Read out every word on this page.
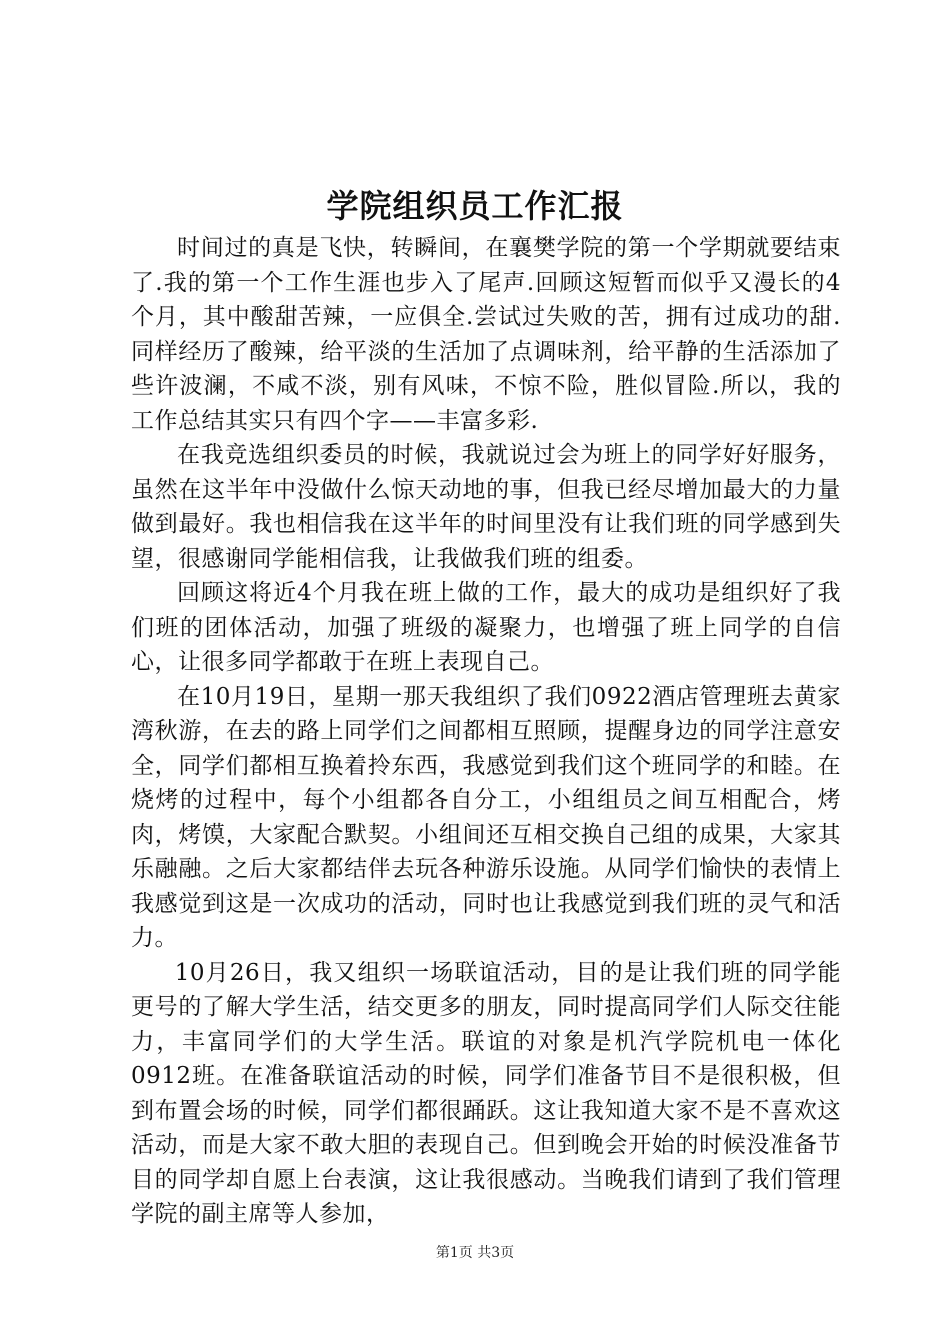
学院组织员工作汇报

时间过的真是飞快，转瞬间，在襄樊学院的第一个学期就要结束了.我的第一个工作生涯也步入了尾声.回顾这短暂而似乎又漫长的4个月，其中酸甜苦辣，一应俱全.尝试过失败的苦，拥有过成功的甜.同样经历了酸辣，给平淡的生活加了点调味剂，给平静的生活添加了些许波澜，不咸不淡，别有风味，不惊不险，胜似冒险.所以，我的工作总结其实只有四个字——丰富多彩.

在我竞选组织委员的时候，我就说过会为班上的同学好好服务，虽然在这半年中没做什么惊天动地的事，但我已经尽增加最大的力量做到最好。我也相信我在这半年的时间里没有让我们班的同学感到失望，很感谢同学能相信我，让我做我们班的组委。

回顾这将近4个月我在班上做的工作，最大的成功是组织好了我们班的团体活动，加强了班级的凝聚力，也增强了班上同学的自信心，让很多同学都敢于在班上表现自己。

在10月19日，星期一那天我组织了我们0922酒店管理班去黄家湾秋游，在去的路上同学们之间都相互照顾，提醒身边的同学注意安全，同学们都相互换着拎东西，我感觉到我们这个班同学的和睦。在烧烤的过程中，每个小组都各自分工，小组组员之间互相配合，烤肉，烤馍，大家配合默契。小组间还互相交换自己组的成果，大家其乐融融。之后大家都结伴去玩各种游乐设施。从同学们愉快的表情上我感觉到这是一次成功的活动，同时也让我感觉到我们班的灵气和活力。

10月26日，我又组织一场联谊活动，目的是让我们班的同学能更号的了解大学生活，结交更多的朋友，同时提高同学们人际交往能力，丰富同学们的大学生活。联谊的对象是机汽学院机电一体化0912班。在准备联谊活动的时候，同学们准备节目不是很积极，但到布置会场的时候，同学们都很踊跃。这让我知道大家不是不喜欢这活动，而是大家不敢大胆的表现自己。但到晚会开始的时候没准备节目的同学却自愿上台表演，这让我很感动。当晚我们请到了我们管理学院的副主席等人参加，

第1页 共3页
